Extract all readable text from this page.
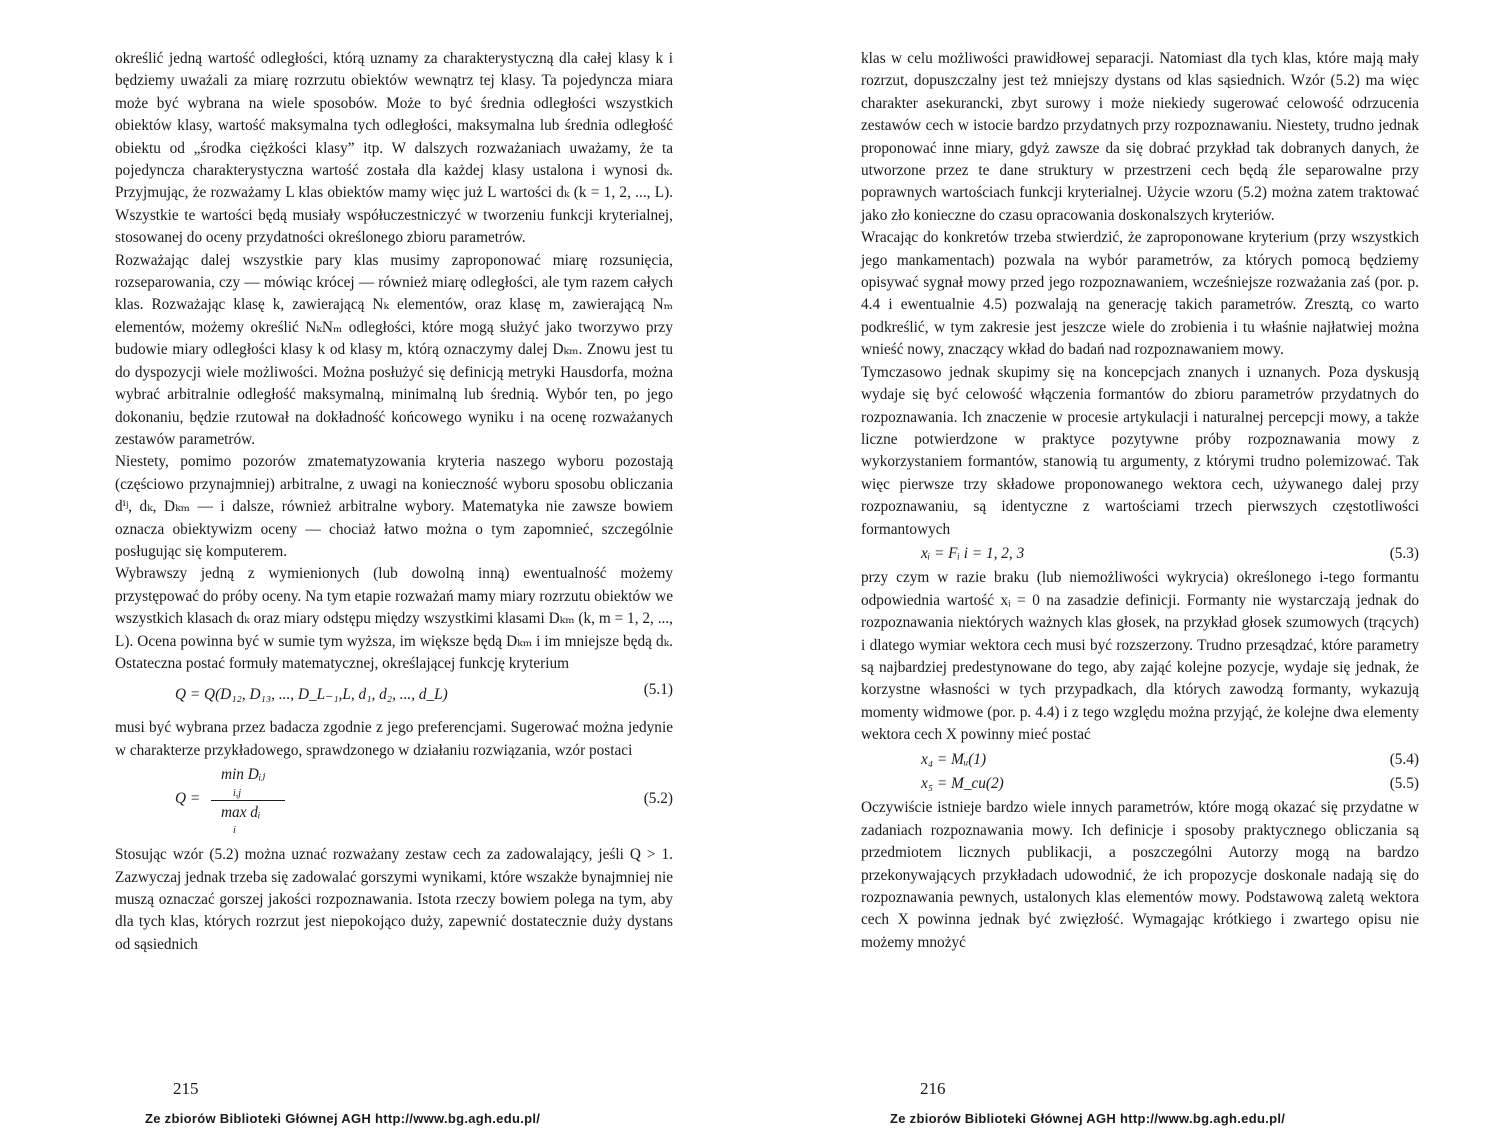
określić jedną wartość odległości, którą uznamy za charakterystyczną dla całej klasy k i będziemy uważali za miarę rozrzutu obiektów wewnątrz tej klasy. Ta pojedyncza miara może być wybrana na wiele sposobów. Może to być średnia odległości wszystkich obiektów klasy, wartość maksymalna tych odległości, maksymalna lub średnia odległość obiektu od „środka ciężkości klasy” itp. W dalszych rozważaniach uważamy, że ta pojedyncza charakterystyczna wartość została dla każdej klasy ustalona i wynosi dₖ. Przyjmując, że rozważamy L klas obiektów mamy więc już L wartości dₖ (k = 1, 2, ..., L). Wszystkie te wartości będą musiały współuczestniczyć w tworzeniu funkcji kryterialnej, stosowanej do oceny przydatności określonego zbioru parametrów.

Rozważając dalej wszystkie pary klas musimy zaproponować miarę rozsunięcia, rozseparowania, czy — mówiąc krócej — również miarę odległości, ale tym razem całych klas. Rozważając klasę k, zawierającą Nₖ elementów, oraz klasę m, zawierającą Nₘ elementów, możemy określić NₖNₘ odległości, które mogą służyć jako tworzywo przy budowie miary odległości klasy k od klasy m, którą oznaczymy dalej Dₖₘ. Znowu jest tu do dyspozycji wiele możliwości. Można posłużyć się definicją metryki Hausdorfa, można wybrać arbitralnie odległość maksymalną, minimalną lub średnią. Wybór ten, po jego dokonaniu, będzie rzutował na dokładność końcowego wyniku i na ocenę rozważanych zestawów parametrów.

Niestety, pomimo pozorów zmatematyzowania kryteria naszego wyboru pozostają (częściowo przynajmniej) arbitralne, z uwagi na konieczność wyboru sposobu obliczania dⁱʲ, dₖ, Dₖₘ — i dalsze, również arbitralne wybory. Matematyka nie zawsze bowiem oznacza obiektywizm oceny — chociaż łatwo można o tym zapomnieć, szczególnie posługując się komputerem.

Wybrawszy jedną z wymienionych (lub dowolną inną) ewentualność możemy przystępować do próby oceny. Na tym etapie rozważań mamy miary rozrzutu obiektów we wszystkich klasach dₖ oraz miary odstępu między wszystkimi klasami Dₖₘ (k, m = 1, 2, ..., L). Ocena powinna być w sumie tym wyższa, im większe będą Dₖₘ i im mniejsze będą dₖ. Ostateczna postać formuły matematycznej, określającej funkcję kryterium

Q = Q(D₁₂, D₁₃, ..., D_L₋₁,L, d₁, d₂, ..., d_L)	(5.1)

musi być wybrana przez badacza zgodnie z jego preferencjami. Sugerować można jedynie w charakterze przykładowego, sprawdzonego w działaniu rozwiązania, wzór postaci

Q =
min Dᵢⱼ
i,j
max dᵢ
i
(5.2)

Stosując wzór (5.2) można uznać rozważany zestaw cech za zadowalający, jeśli Q > 1. Zazwyczaj jednak trzeba się zadowalać gorszymi wynikami, które wszakże bynajmniej nie muszą oznaczać gorszej jakości rozpoznawania. Istota rzeczy bowiem polega na tym, aby dla tych klas, których rozrzut jest niepokojąco duży, zapewnić dostatecznie duży dystans od sąsiednich

215
Ze zbiorów Biblioteki Głównej AGH http://www.bg.agh.edu.pl/

klas w celu możliwości prawidłowej separacji. Natomiast dla tych klas, które mają mały rozrzut, dopuszczalny jest też mniejszy dystans od klas sąsiednich. Wzór (5.2) ma więc charakter asekurancki, zbyt surowy i może niekiedy sugerować celowość odrzucenia zestawów cech w istocie bardzo przydatnych przy rozpoznawaniu. Niestety, trudno jednak proponować inne miary, gdyż zawsze da się dobrać przykład tak dobranych danych, że utworzone przez te dane struktury w przestrzeni cech będą źle separowalne przy poprawnych wartościach funkcji kryterialnej. Użycie wzoru (5.2) można zatem traktować jako zło konieczne do czasu opracowania doskonalszych kryteriów.

Wracając do konkretów trzeba stwierdzić, że zaproponowane kryterium (przy wszystkich jego mankamentach) pozwala na wybór parametrów, za których pomocą będziemy opisywać sygnał mowy przed jego rozpoznawaniem, wcześniejsze rozważania zaś (por. p. 4.4 i ewentualnie 4.5) pozwalają na generację takich parametrów. Zresztą, co warto podkreślić, w tym zakresie jest jeszcze wiele do zrobienia i tu właśnie najłatwiej można wnieść nowy, znaczący wkład do badań nad rozpoznawaniem mowy.

Tymczasowo jednak skupimy się na koncepcjach znanych i uznanych. Poza dyskusją wydaje się być celowość włączenia formantów do zbioru parametrów przydatnych do rozpoznawania. Ich znaczenie w procesie artykulacji i naturalnej percepcji mowy, a także liczne potwierdzone w praktyce pozytywne próby rozpoznawania mowy z wykorzystaniem formantów, stanowią tu argumenty, z którymi trudno polemizować. Tak więc pierwsze trzy składowe proponowanego wektora cech, używanego dalej przy rozpoznawaniu, są identyczne z wartościami trzech pierwszych częstotliwości formantowych

xᵢ = Fᵢ i = 1, 2, 3	(5.3)

przy czym w razie braku (lub niemożliwości wykrycia) określonego i-tego formantu odpowiednia wartość xᵢ = 0 na zasadzie definicji. Formanty nie wystarczają jednak do rozpoznawania niektórych ważnych klas głosek, na przykład głosek szumowych (trących) i dlatego wymiar wektora cech musi być rozszerzony. Trudno przesądzać, które parametry są najbardziej predestynowane do tego, aby zająć kolejne pozycje, wydaje się jednak, że korzystne własności w tych przypadkach, dla których zawodzą formanty, wykazują momenty widmowe (por. p. 4.4) i z tego względu można przyjąć, że kolejne dwa elementy wektora cech X powinny mieć postać

x₄ = Mᵤ(1)	(5.4)
x₅ = M_cu(2)	(5.5)

Oczywiście istnieje bardzo wiele innych parametrów, które mogą okazać się przydatne w zadaniach rozpoznawania mowy. Ich definicje i sposoby praktycznego obliczania są przedmiotem licznych publikacji, a poszczególni Autorzy mogą na bardzo przekonywających przykładach udowodnić, że ich propozycje doskonale nadają się do rozpoznawania pewnych, ustalonych klas elementów mowy. Podstawową zaletą wektora cech X powinna jednak być zwięzłość. Wymagając krótkiego i zwartego opisu nie możemy mnożyć

216
Ze zbiorów Biblioteki Głównej AGH http://www.bg.agh.edu.pl/
